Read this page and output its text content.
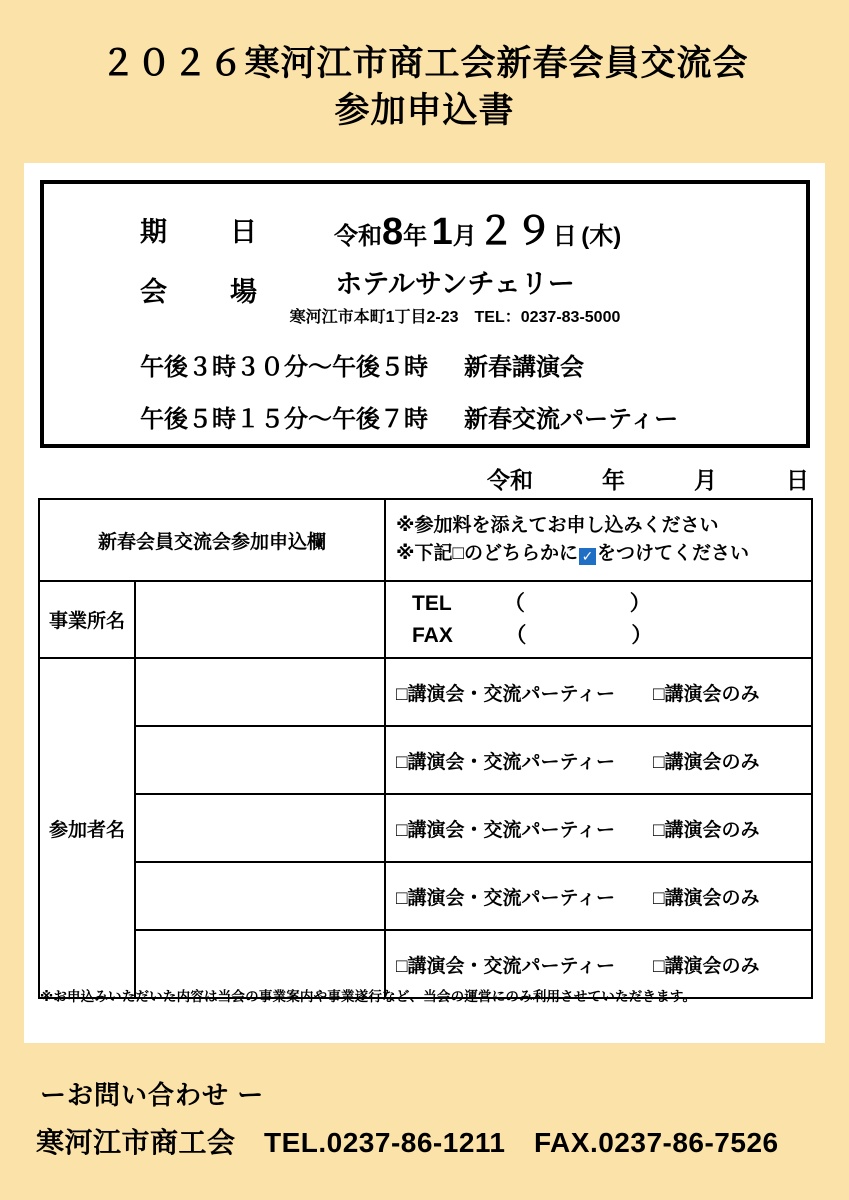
２０２６寒河江市商工会新春会員交流会
参加申込書
期　日 令和8年 1月２９日 (木)
会　場	ホテルサンチェリー
寒河江市本町1丁目2-23　TEL：0237-83-5000
午後３時３０分～午後５時 新春講演会
午後５時１５分～午後７時 新春交流パーティー
令和　　　年　　　月　　　日
新春会員交流会参加申込欄		※参加料を添えてお申し込みください
※下記□のどちらかに ✓ をつけてください

事業所名		TEL　　　 （　　　　　）
FAX　　　 （　　　　　）

参加者名		□講演会・交流パーティー　　 □講演会のみ
		□講演会・交流パーティー　　 □講演会のみ
		□講演会・交流パーティー　　 □講演会のみ
		□講演会・交流パーティー　　 □講演会のみ
		□講演会・交流パーティー　　 □講演会のみ
※お申込みいただいた内容は当会の事業案内や事業遂行など、当会の運営にのみ利用させていただきます。
ーお問い合わせ ー
寒河江市商工会　TEL.0237-86-1211　FAX.0237-86-7526
